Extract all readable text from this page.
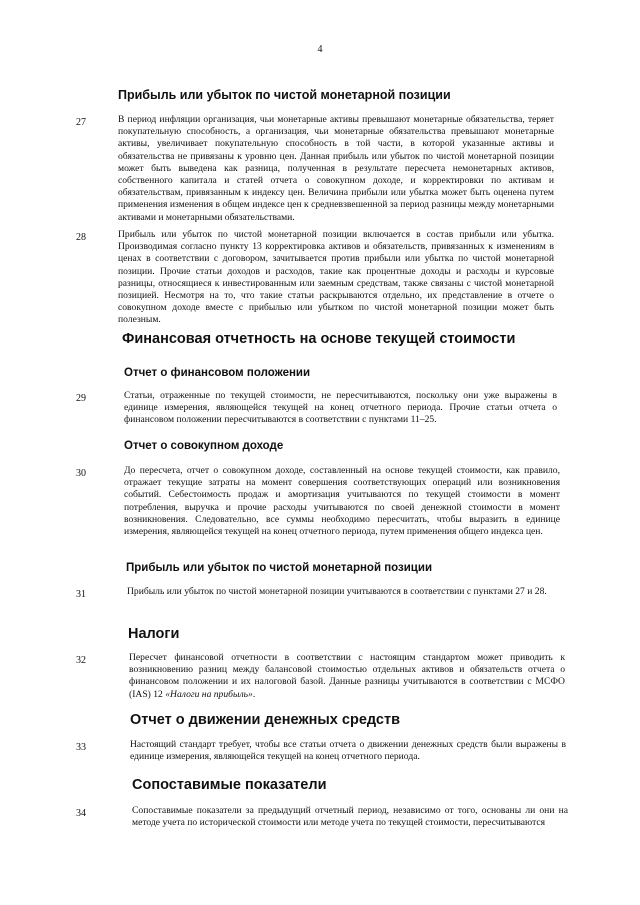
4
Прибыль или убыток по чистой монетарной позиции
27	В период инфляции организация, чьи монетарные активы превышают монетарные обязательства, теряет покупательную способность, а организация, чьи монетарные обязательства превышают монетарные активы, увеличивает покупательную способность в той части, в которой указанные активы и обязательства не привязаны к уровню цен. Данная прибыль или убыток по чистой монетарной позиции может быть выведена как разница, полученная в результате пересчета немонетарных активов, собственного капитала и статей отчета о совокупном доходе, и корректировки по активам и обязательствам, привязанным к индексу цен. Величина прибыли или убытка может быть оценена путем применения изменения в общем индексе цен к средневзвешенной за период разницы между монетарными активами и монетарными обязательствами.

28	Прибыль или убыток по чистой монетарной позиции включается в состав прибыли или убытка. Производимая согласно пункту 13 корректировка активов и обязательств, привязанных к изменениям в ценах в соответствии с договором, зачитывается против прибыли или убытка по чистой монетарной позиции. Прочие статьи доходов и расходов, такие как процентные доходы и расходы и курсовые разницы, относящиеся к инвестированным или заемным средствам, также связаны с чистой монетарной позицией. Несмотря на то, что такие статьи раскрываются отдельно, их представление в отчете о совокупном доходе вместе с прибылью или убытком по чистой монетарной позиции может быть полезным.

Финансовая отчетность на основе текущей стоимости
Отчет о финансовом положении
29	Статьи, отраженные по текущей стоимости, не пересчитываются, поскольку они уже выражены в единице измерения, являющейся текущей на конец отчетного периода. Прочие статьи отчета о финансовом положении пересчитываются в соответствии с пунктами 11–25.

Отчет о совокупном доходе
30	До пересчета, отчет о совокупном доходе, составленный на основе текущей стоимости, как правило, отражает текущие затраты на момент совершения соответствующих операций или возникновения событий. Себестоимость продаж и амортизация учитываются по текущей стоимости в момент потребления, выручка и прочие расходы учитываются по своей денежной стоимости в момент возникновения. Следовательно, все суммы необходимо пересчитать, чтобы выразить в единице измерения, являющейся текущей на конец отчетного периода, путем применения общего индекса цен.

Прибыль или убыток по чистой монетарной позиции
31	Прибыль или убыток по чистой монетарной позиции учитываются в соответствии с пунктами 27 и 28.

Налоги
32	Пересчет финансовой отчетности в соответствии с настоящим стандартом может приводить к возникновению разниц между балансовой стоимостью отдельных активов и обязательств отчета о финансовом положении и их налоговой базой. Данные разницы учитываются в соответствии с МСФО (IAS) 12 «Налоги на прибыль».

Отчет о движении денежных средств
33	Настоящий стандарт требует, чтобы все статьи отчета о движении денежных средств были выражены в единице измерения, являющейся текущей на конец отчетного периода.

Сопоставимые показатели
34	Сопоставимые показатели за предыдущий отчетный период, независимо от того, основаны ли они на методе учета по исторической стоимости или методе учета по текущей стоимости, пересчитываются
